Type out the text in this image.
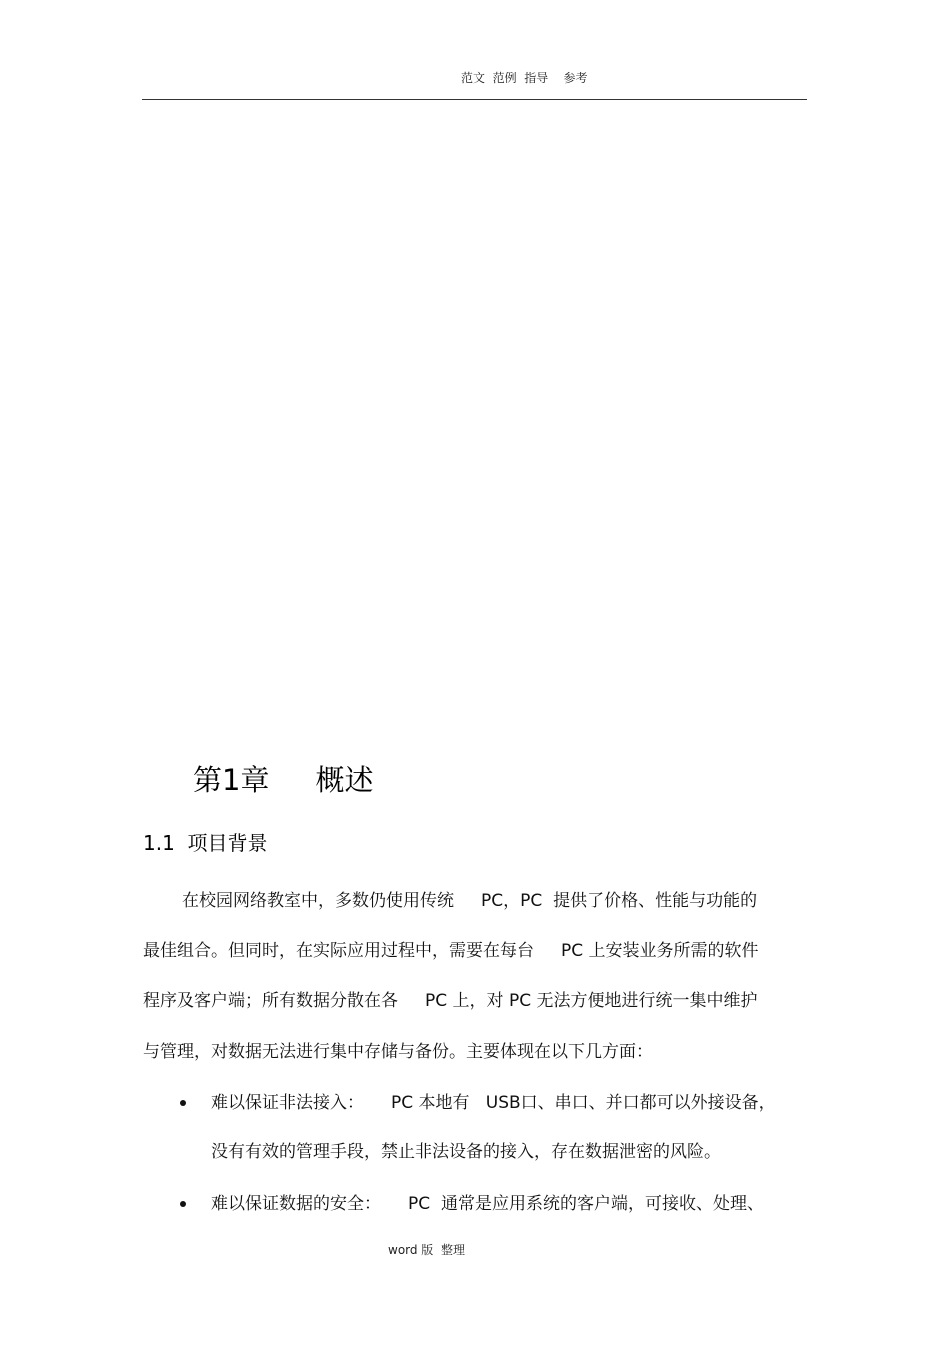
范文  范例  指导    参考
第1章     概述
1.1  项目背景
在校园网络教室中，多数仍使用传统     PC，PC  提供了价格、性能与功能的
最佳组合。但同时，在实际应用过程中，需要在每台     PC 上安装业务所需的软件
程序及客户端；所有数据分散在各     PC 上，对 PC 无法方便地进行统一集中维护
与管理，对数据无法进行集中存储与备份。主要体现在以下几方面：
难以保证非法接入：     PC 本地有   USB口、串口、并口都可以外接设备，
没有有效的管理手段，禁止非法设备的接入，存在数据泄密的风险。
难以保证数据的安全：     PC  通常是应用系统的客户端，可接收、处理、
word 版  整理
